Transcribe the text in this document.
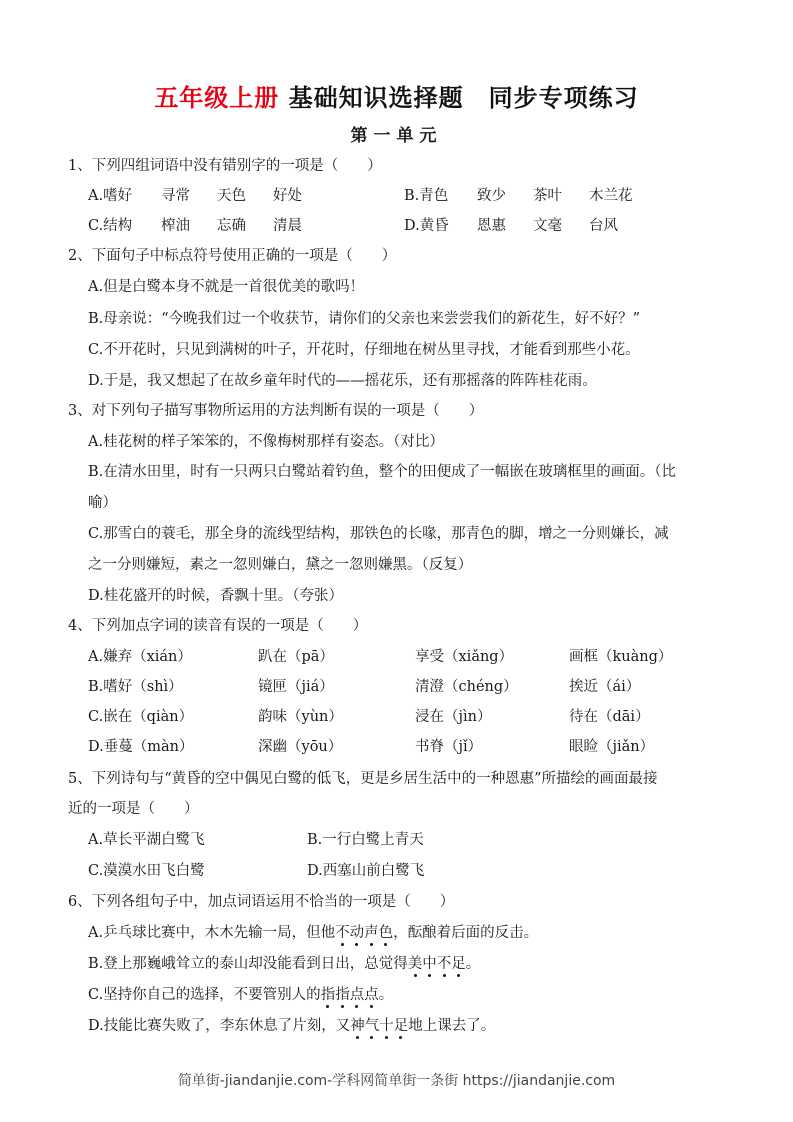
五年级上册 基础知识选择题　同步专项练习
第一单元
1、下列四组词语中没有错别字的一项是（　　）
A.嗜好 寻常 天色 好处	B.青色 致少 茶叶 木兰花
C.结构 榨油 忘确 清晨	D.黄昏 恩惠 文毫 台风
2、下面句子中标点符号使用正确的一项是（　　）
A.但是白鹭本身不就是一首很优美的歌吗！
B.母亲说：“今晚我们过一个收获节，请你们的父亲也来尝尝我们的新花生，好不好？”
C.不开花时，只见到满树的叶子，开花时，仔细地在树丛里寻找，才能看到那些小花。
D.于是，我又想起了在故乡童年时代的——摇花乐，还有那摇落的阵阵桂花雨。
3、对下列句子描写事物所运用的方法判断有误的一项是（　　）
A.桂花树的样子笨笨的，不像梅树那样有姿态。（对比）
B.在清水田里，时有一只两只白鹭站着钓鱼，整个的田便成了一幅嵌在玻璃框里的画面。（比
喻）
C.那雪白的蓑毛，那全身的流线型结构，那铁色的长喙，那青色的脚，增之一分则嫌长，减
之一分则嫌短，素之一忽则嫌白，黛之一忽则嫌黑。（反复）
D.桂花盛开的时候，香飘十里。（夸张）
4、下列加点字词的读音有误的一项是（　　）
A.嫌弃（xián）	趴在（pā）	享受（xiǎng）	画框（kuàng）
B.嗜好（shì）	镜匣（jiá）	清澄（chéng）	挨近（ái）
C.嵌在（qiàn）	韵味（yùn）	浸在（jìn）	待在（dāi）
D.垂蔓（màn）	深幽（yōu）	书脊（jǐ）	眼睑（jiǎn）
5、下列诗句与“黄昏的空中偶见白鹭的低飞，更是乡居生活中的一种恩惠”所描绘的画面最接
近的一项是（　　）
A.草长平湖白鹭飞	B.一行白鹭上青天
C.漠漠水田飞白鹭	D.西塞山前白鹭飞
6、下列各组句子中，加点词语运用不恰当的一项是（　　）
A.乒乓球比赛中，木木先输一局，但他不动声色，酝酿着后面的反击。
B.登上那巍峨耸立的泰山却没能看到日出，总觉得美中不足。
C.坚持你自己的选择，不要管别人的指指点点。
D.技能比赛失败了，李东休息了片刻，又神气十足地上课去了。
简单街-jiandanjie.com-学科网简单街一条街 https://jiandanjie.com
